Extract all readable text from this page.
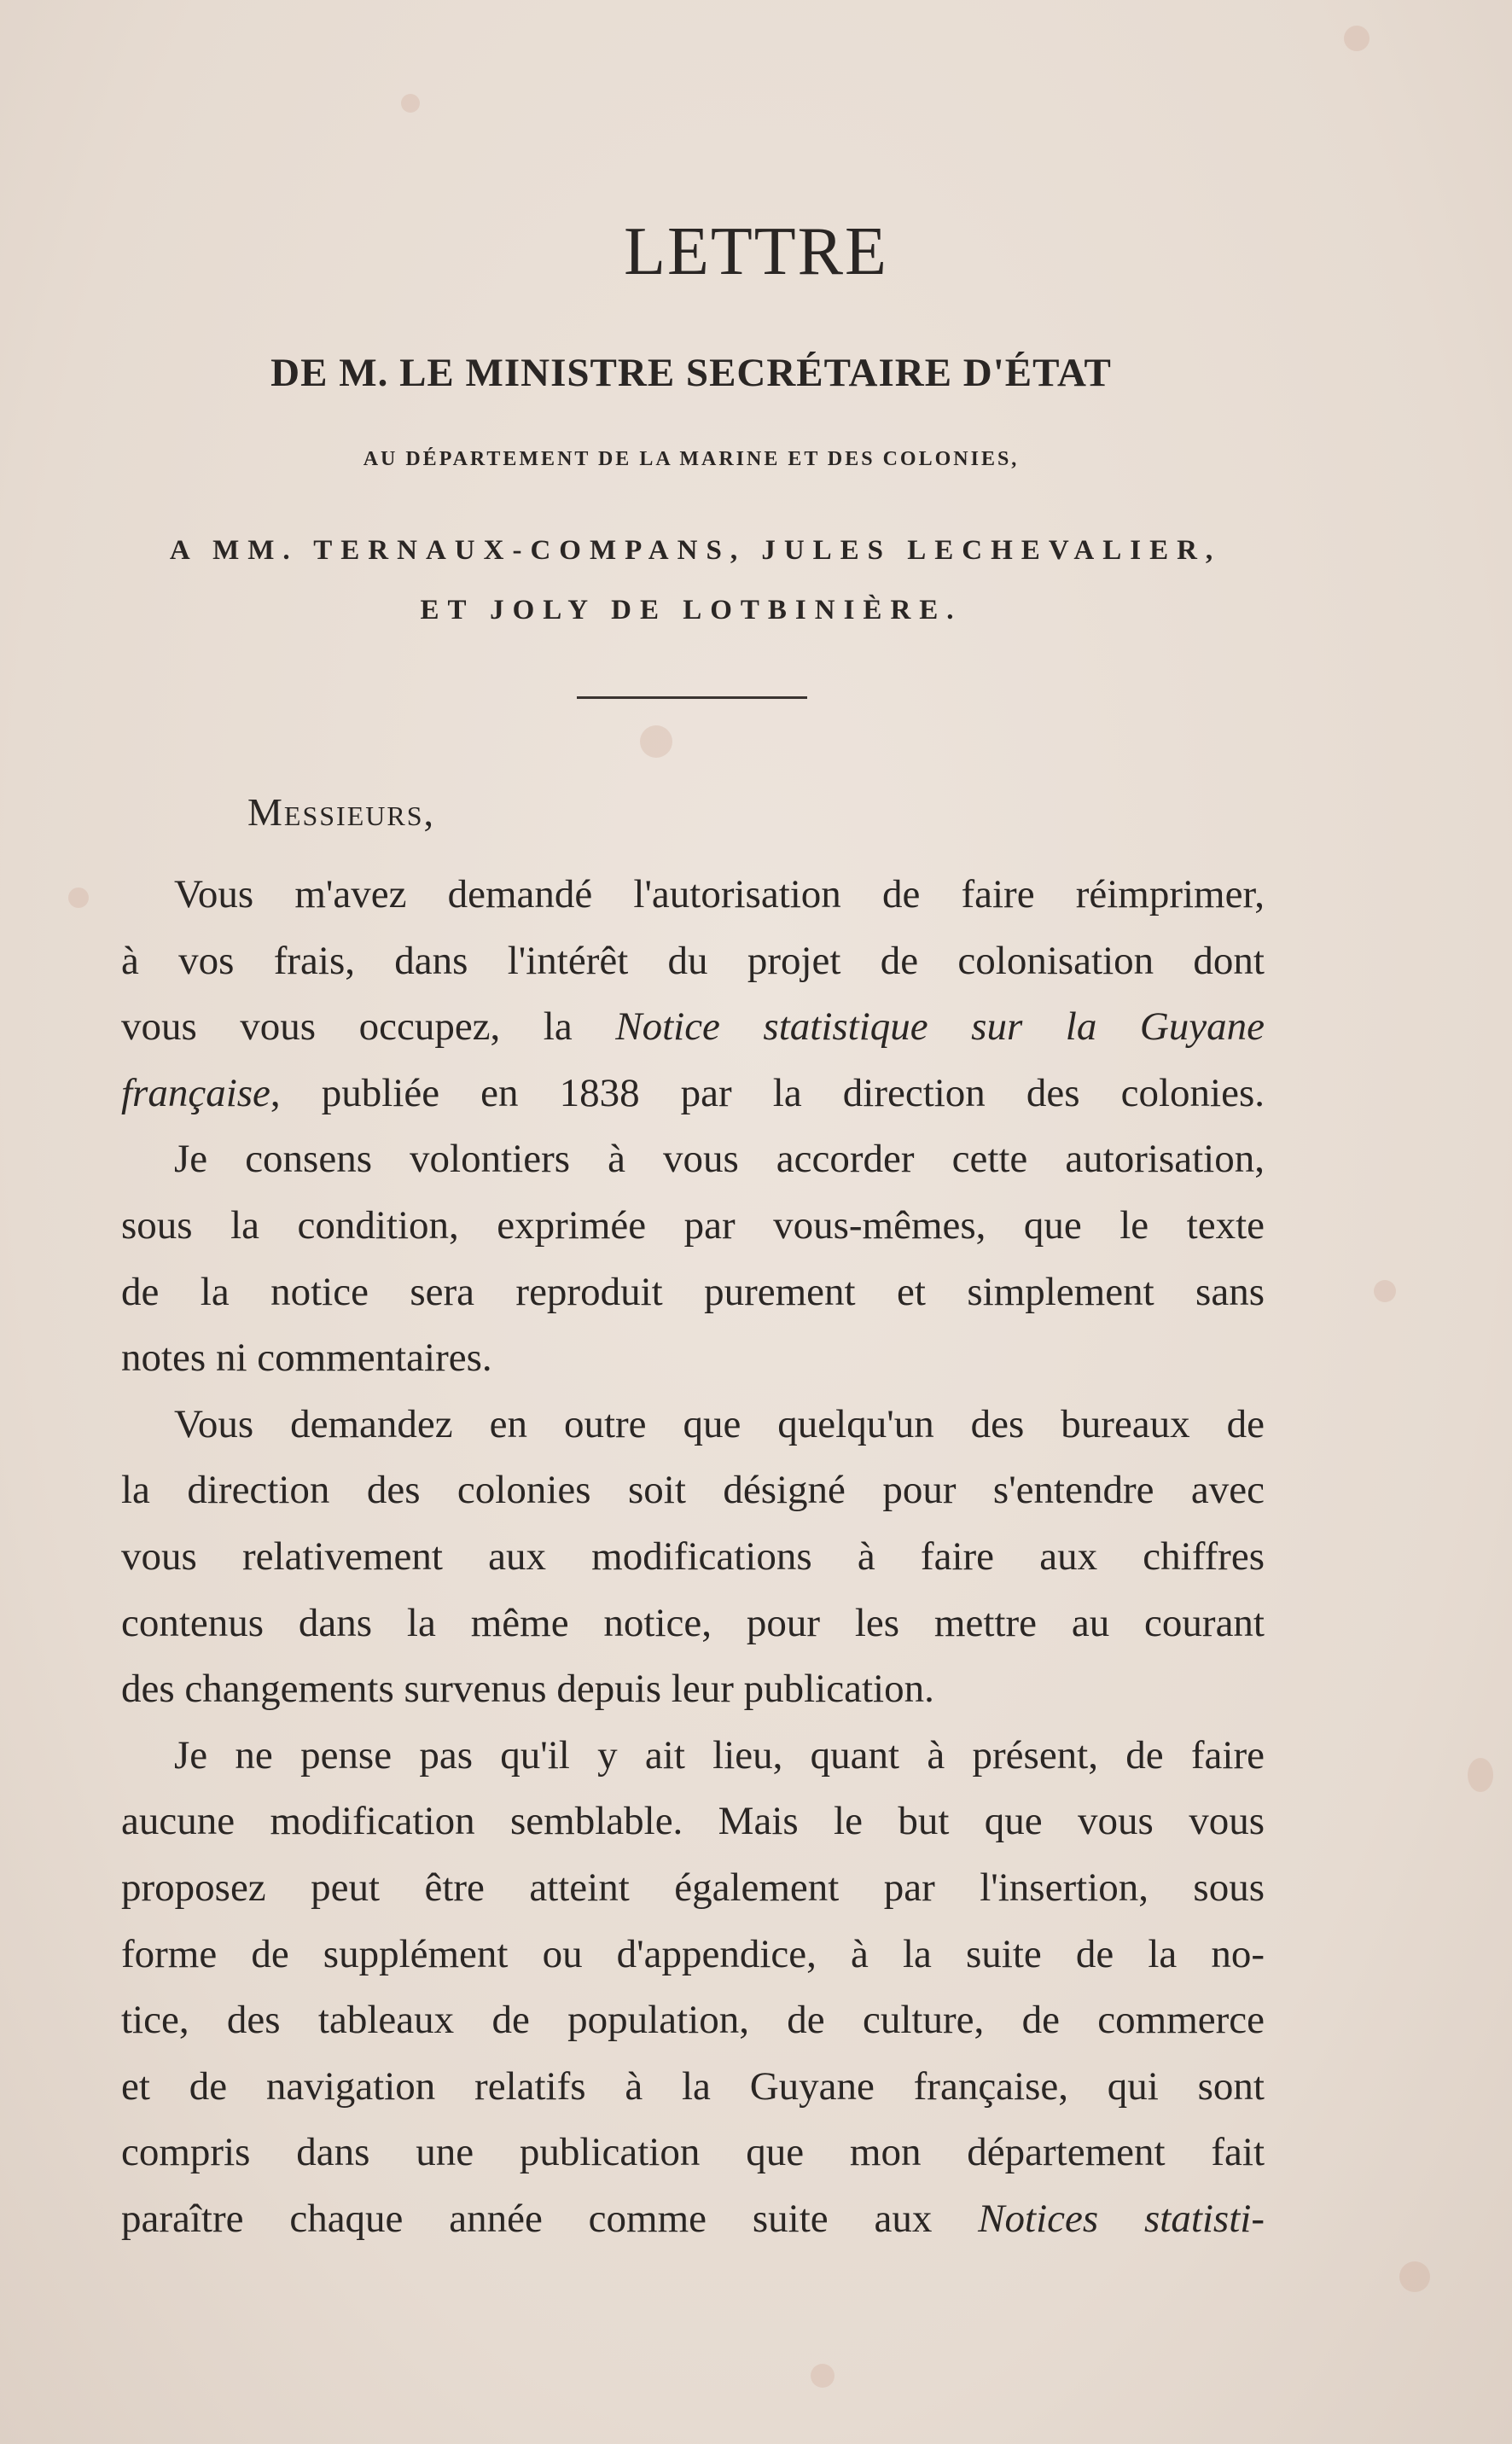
LETTRE
DE M. LE MINISTRE SECRÉTAIRE D'ÉTAT
AU DÉPARTEMENT DE LA MARINE ET DES COLONIES,
A MM. TERNAUX-COMPANS, JULES LECHEVALIER,
ET JOLY DE LOTBINIÈRE.
Messieurs,
Vous m'avez demandé l'autorisation de faire réimprimer,
à vos frais, dans l'intérêt du projet de colonisation dont
vous vous occupez, la Notice statistique sur la Guyane
française, publiée en 1838 par la direction des colonies.
Je consens volontiers à vous accorder cette autorisation,
sous la condition, exprimée par vous-mêmes, que le texte
de la notice sera reproduit purement et simplement sans
notes ni commentaires.
Vous demandez en outre que quelqu'un des bureaux de
la direction des colonies soit désigné pour s'entendre avec
vous relativement aux modifications à faire aux chiffres
contenus dans la même notice, pour les mettre au courant
des changements survenus depuis leur publication.
Je ne pense pas qu'il y ait lieu, quant à présent, de faire
aucune modification semblable. Mais le but que vous vous
proposez peut être atteint également par l'insertion, sous
forme de supplément ou d'appendice, à la suite de la no-
tice, des tableaux de population, de culture, de commerce
et de navigation relatifs à la Guyane française, qui sont
compris dans une publication que mon département fait
paraître chaque année comme suite aux Notices statisti-
